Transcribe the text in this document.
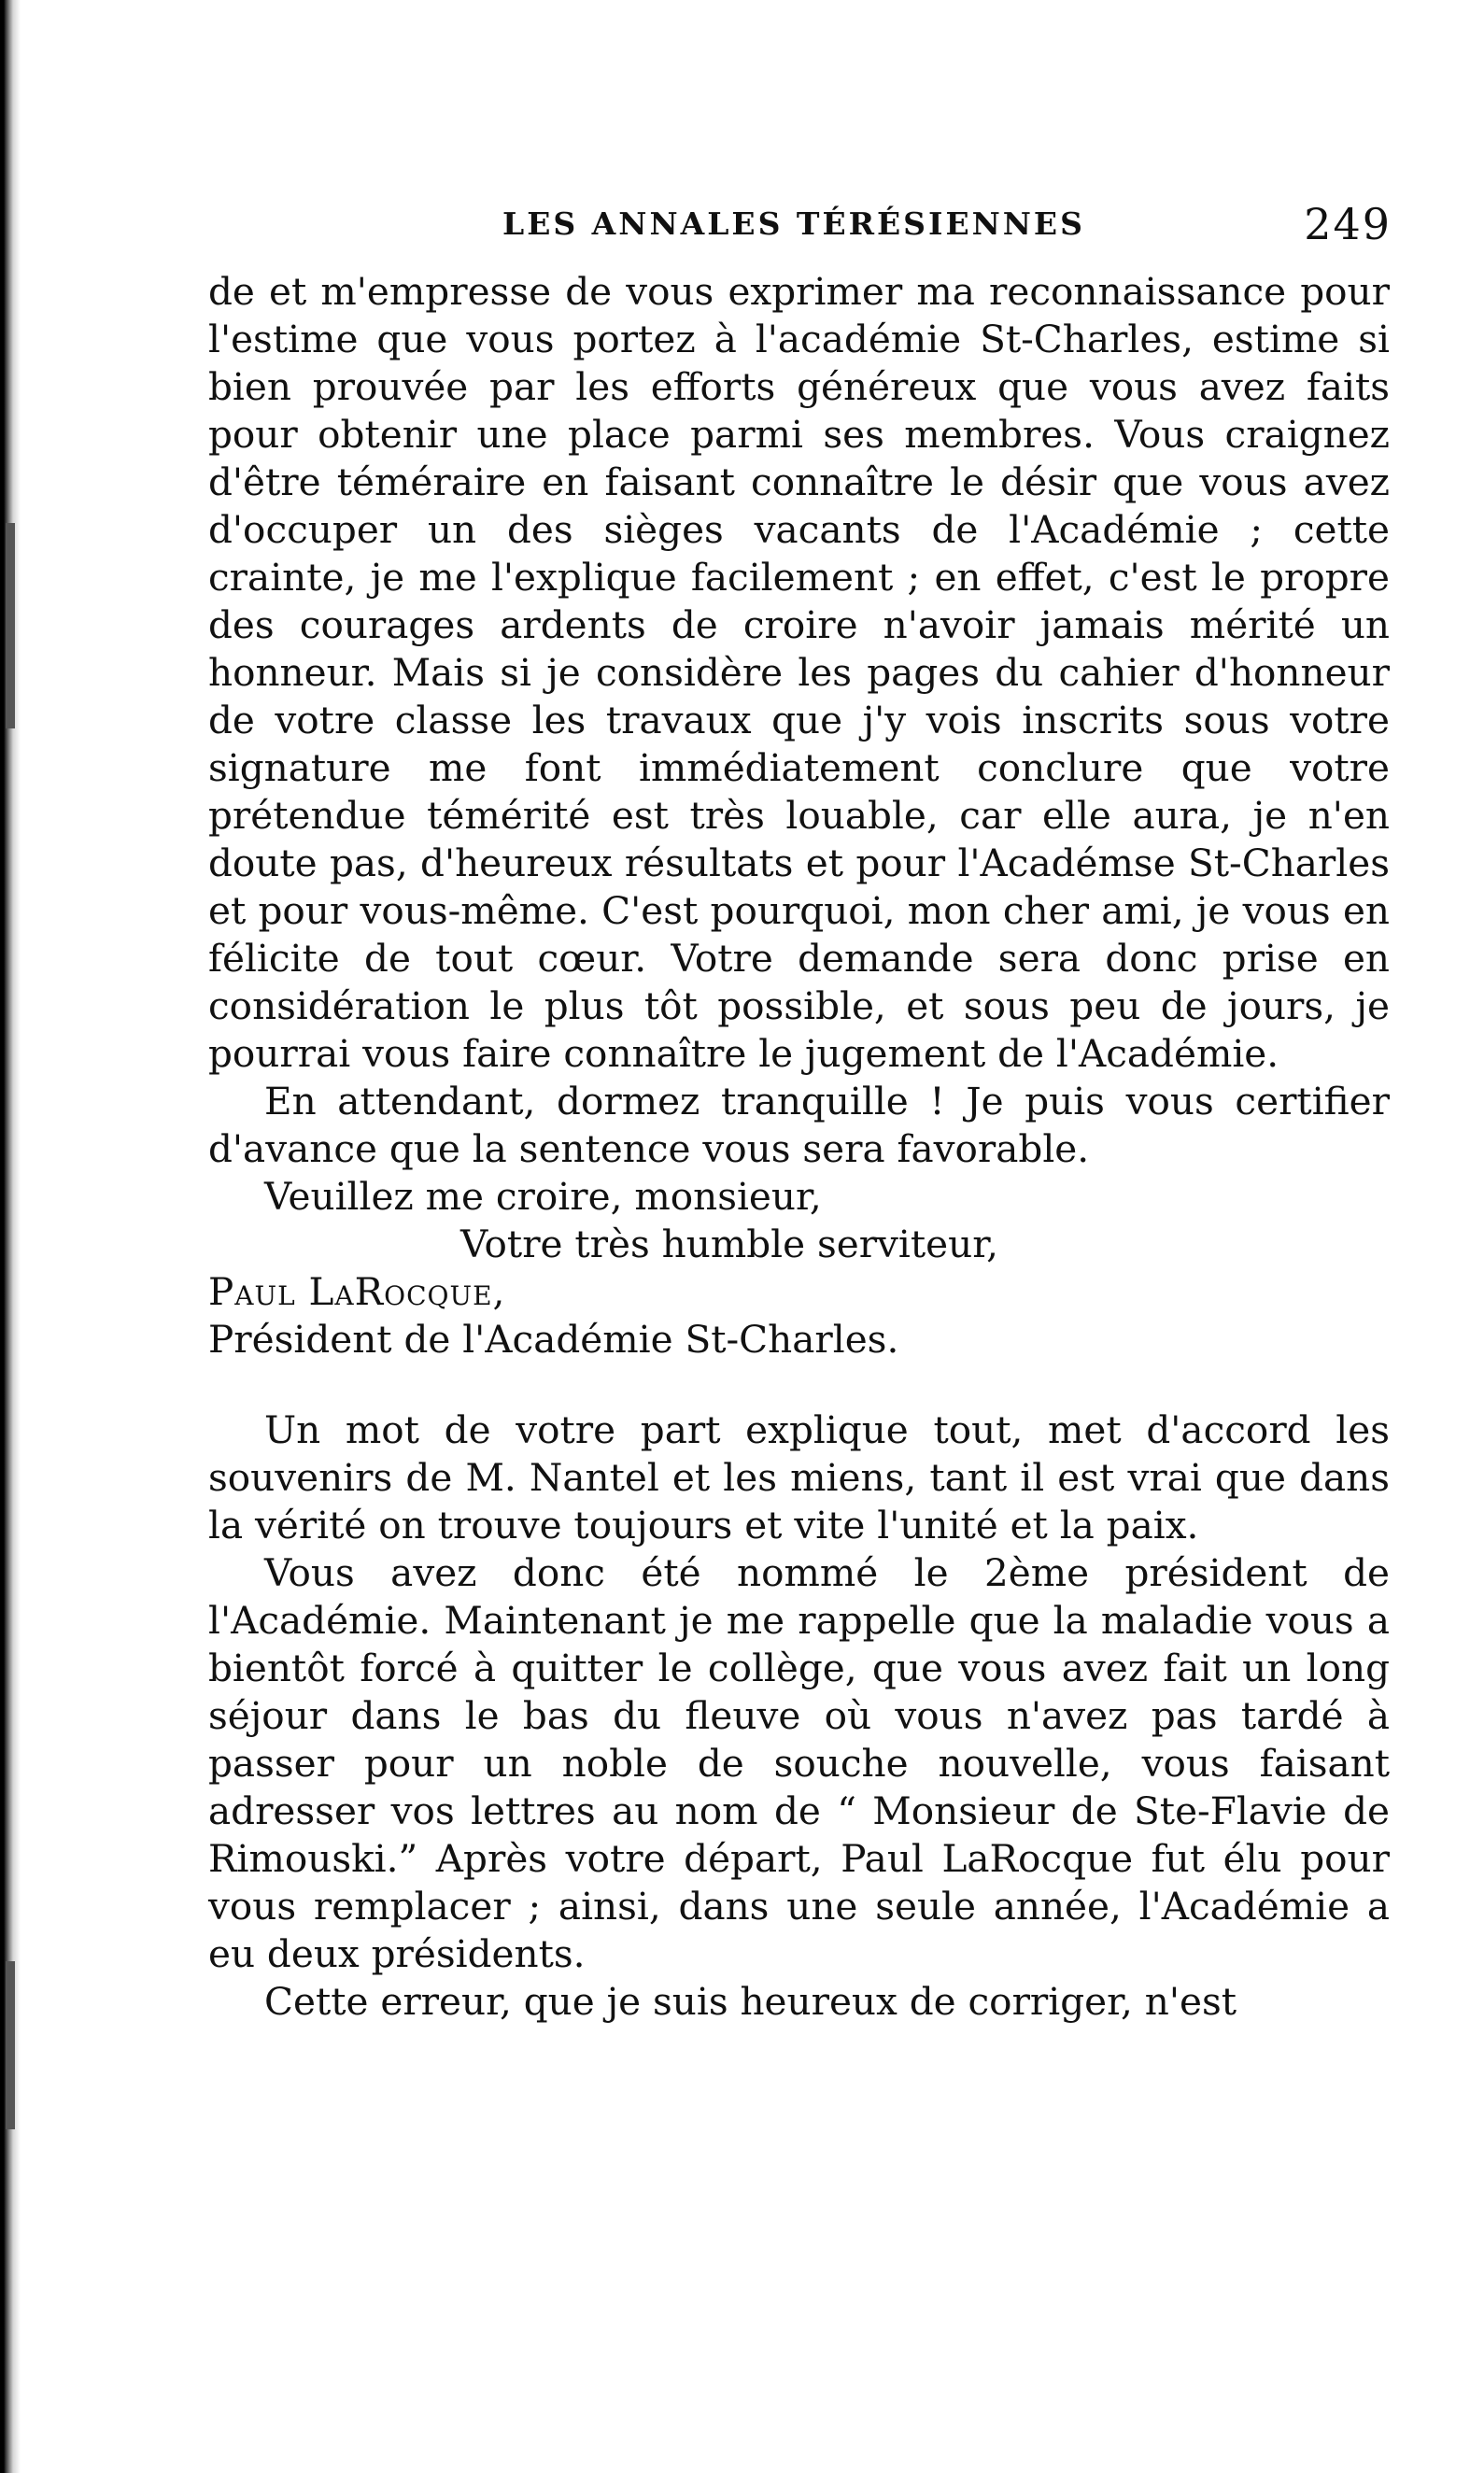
LES ANNALES TÉRÉSIENNES	249

de et m'empresse de vous exprimer ma reconnaissance pour l'estime que vous portez à l'académie St-Charles, estime si bien prouvée par les efforts généreux que vous avez faits pour obtenir une place parmi ses membres. Vous craignez d'être téméraire en faisant connaître le désir que vous avez d'occuper un des sièges vacants de l'Académie ; cette crainte, je me l'explique facilement ; en effet, c'est le propre des courages ardents de croire n'avoir jamais mérité un honneur. Mais si je considère les pages du cahier d'honneur de votre classe les travaux que j'y vois inscrits sous votre signature me font immédiatement conclure que votre prétendue témérité est très louable, car elle aura, je n'en doute pas, d'heureux résultats et pour l'Académse St-Charles et pour vous-même. C'est pourquoi, mon cher ami, je vous en félicite de tout cœur. Votre demande sera donc prise en considération le plus tôt possible, et sous peu de jours, je pourrai vous faire connaître le jugement de l'Académie.

En attendant, dormez tranquille ! Je puis vous certifier d'avance que la sentence vous sera favorable.

Veuillez me croire, monsieur,

Votre très humble serviteur,

Paul LaRocque,

Président de l'Académie St-Charles.

Un mot de votre part explique tout, met d'accord les souvenirs de M. Nantel et les miens, tant il est vrai que dans la vérité on trouve toujours et vite l'unité et la paix.

Vous avez donc été nommé le 2ème président de l'Académie. Maintenant je me rappelle que la maladie vous a bientôt forcé à quitter le collège, que vous avez fait un long séjour dans le bas du fleuve où vous n'avez pas tardé à passer pour un noble de souche nouvelle, vous faisant adresser vos lettres au nom de “ Monsieur de Ste-Flavie de Rimouski.” Après votre départ, Paul LaRocque fut élu pour vous remplacer ; ainsi, dans une seule année, l'Académie a eu deux présidents.

Cette erreur, que je suis heureux de corriger, n'est
